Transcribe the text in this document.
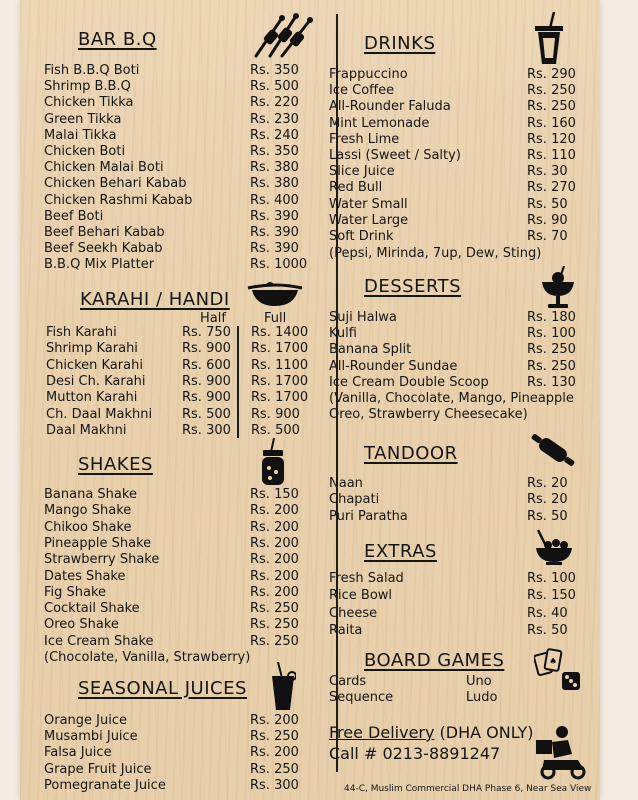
BAR B.Q
Fish B.B.Q Boti	Rs. 350
Shrimp B.B.Q	Rs. 500
Chicken Tikka	Rs. 220
Green Tikka	Rs. 230
Malai Tikka	Rs. 240
Chicken Boti	Rs. 350
Chicken Malai Boti	Rs. 380
Chicken Behari Kabab	Rs. 380
Chicken Rashmi Kabab	Rs. 400
Beef Boti	Rs. 390
Beef Behari Kabab	Rs. 390
Beef Seekh Kabab	Rs. 390
B.B.Q Mix Platter	Rs. 1000
KARAHI / HANDI
Half	Full
Fish Karahi	Rs. 750 Rs. 1400
Shrimp Karahi	Rs. 900 Rs. 1700
Chicken Karahi	Rs. 600 Rs. 1100
Desi Ch. Karahi	Rs. 900 Rs. 1700
Mutton Karahi	Rs. 900 Rs. 1700
Ch. Daal Makhni Rs. 500 Rs. 900
Daal Makhni	Rs. 300 Rs. 500
SHAKES
Banana Shake	Rs. 150
Mango Shake	Rs. 200
Chikoo Shake	Rs. 200
Pineapple Shake	Rs. 200
Strawberry Shake	Rs. 200
Dates Shake	Rs. 200
Fig Shake	Rs. 200
Cocktail Shake	Rs. 250
Oreo Shake	Rs. 250
Ice Cream Shake	Rs. 250
(Chocolate, Vanilla, Strawberry)
SEASONAL JUICES
Orange Juice	Rs. 200
Musambi Juice	Rs. 250
Falsa Juice	Rs. 200
Grape Fruit Juice	Rs. 250
Pomegranate Juice	Rs. 300
DRINKS
Frappuccino	Rs. 290
Ice Coffee	Rs. 250
All-Rounder Faluda	Rs. 250
Mint Lemonade	Rs. 160
Fresh Lime	Rs. 120
Lassi (Sweet / Salty)	Rs. 110
Slice Juice	Rs. 30
Red Bull	Rs. 270
Water Small	Rs. 50
Water Large	Rs. 90
Soft Drink	Rs. 70
(Pepsi, Mirinda, 7up, Dew, Sting)
DESSERTS
Suji Halwa	Rs. 180
Kulfi	Rs. 100
Banana Split	Rs. 250
All-Rounder Sundae	Rs. 250
Ice Cream Double Scoop	Rs. 130
(Vanilla, Chocolate, Mango, Pineapple
Oreo, Strawberry Cheesecake)
TANDOOR
Naan	Rs. 20
Chapati	Rs. 20
Puri Paratha	Rs. 50
EXTRAS
Fresh Salad	Rs. 100
Rice Bowl	Rs. 150
Cheese	Rs. 40
Raita	Rs. 50
BOARD GAMES	♠
Cards	Uno
Sequence	Ludo
Free Delivery (DHA ONLY)
Call # 0213-8891247
44-C, Muslim Commercial DHA Phase 6, Near Sea View
